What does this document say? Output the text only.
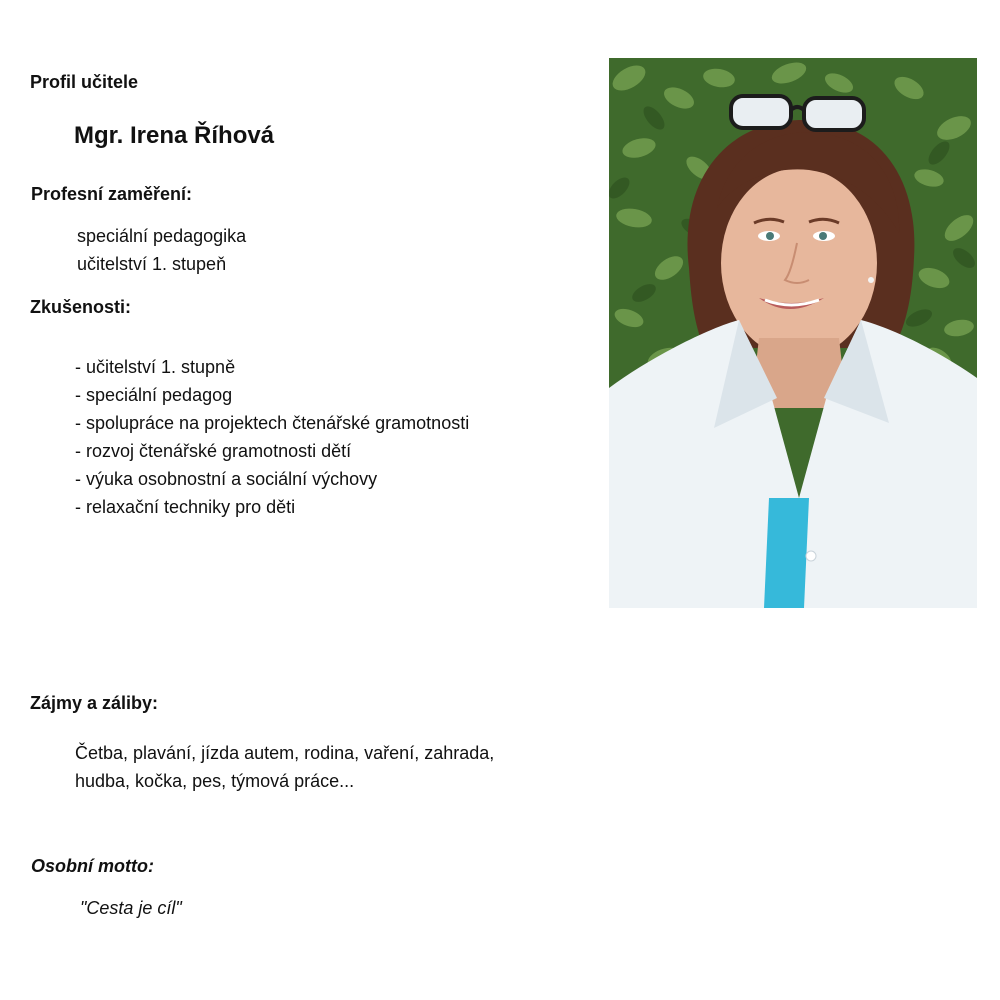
Profil učitele
Mgr. Irena Říhová
Profesní zaměření:
speciální pedagogika
učitelství 1. stupeň
Zkušenosti:
- učitelství 1. stupně
- speciální pedagog
- spolupráce na projektech čtenářské gramotnosti
- rozvoj čtenářské gramotnosti dětí
- výuka osobnostní a sociální výchovy
- relaxační techniky pro děti
Zájmy a záliby:
Četba, plavání, jízda autem, rodina, vaření, zahrada,
hudba, kočka, pes, týmová práce...
Osobní motto:
"Cesta je cíl"
